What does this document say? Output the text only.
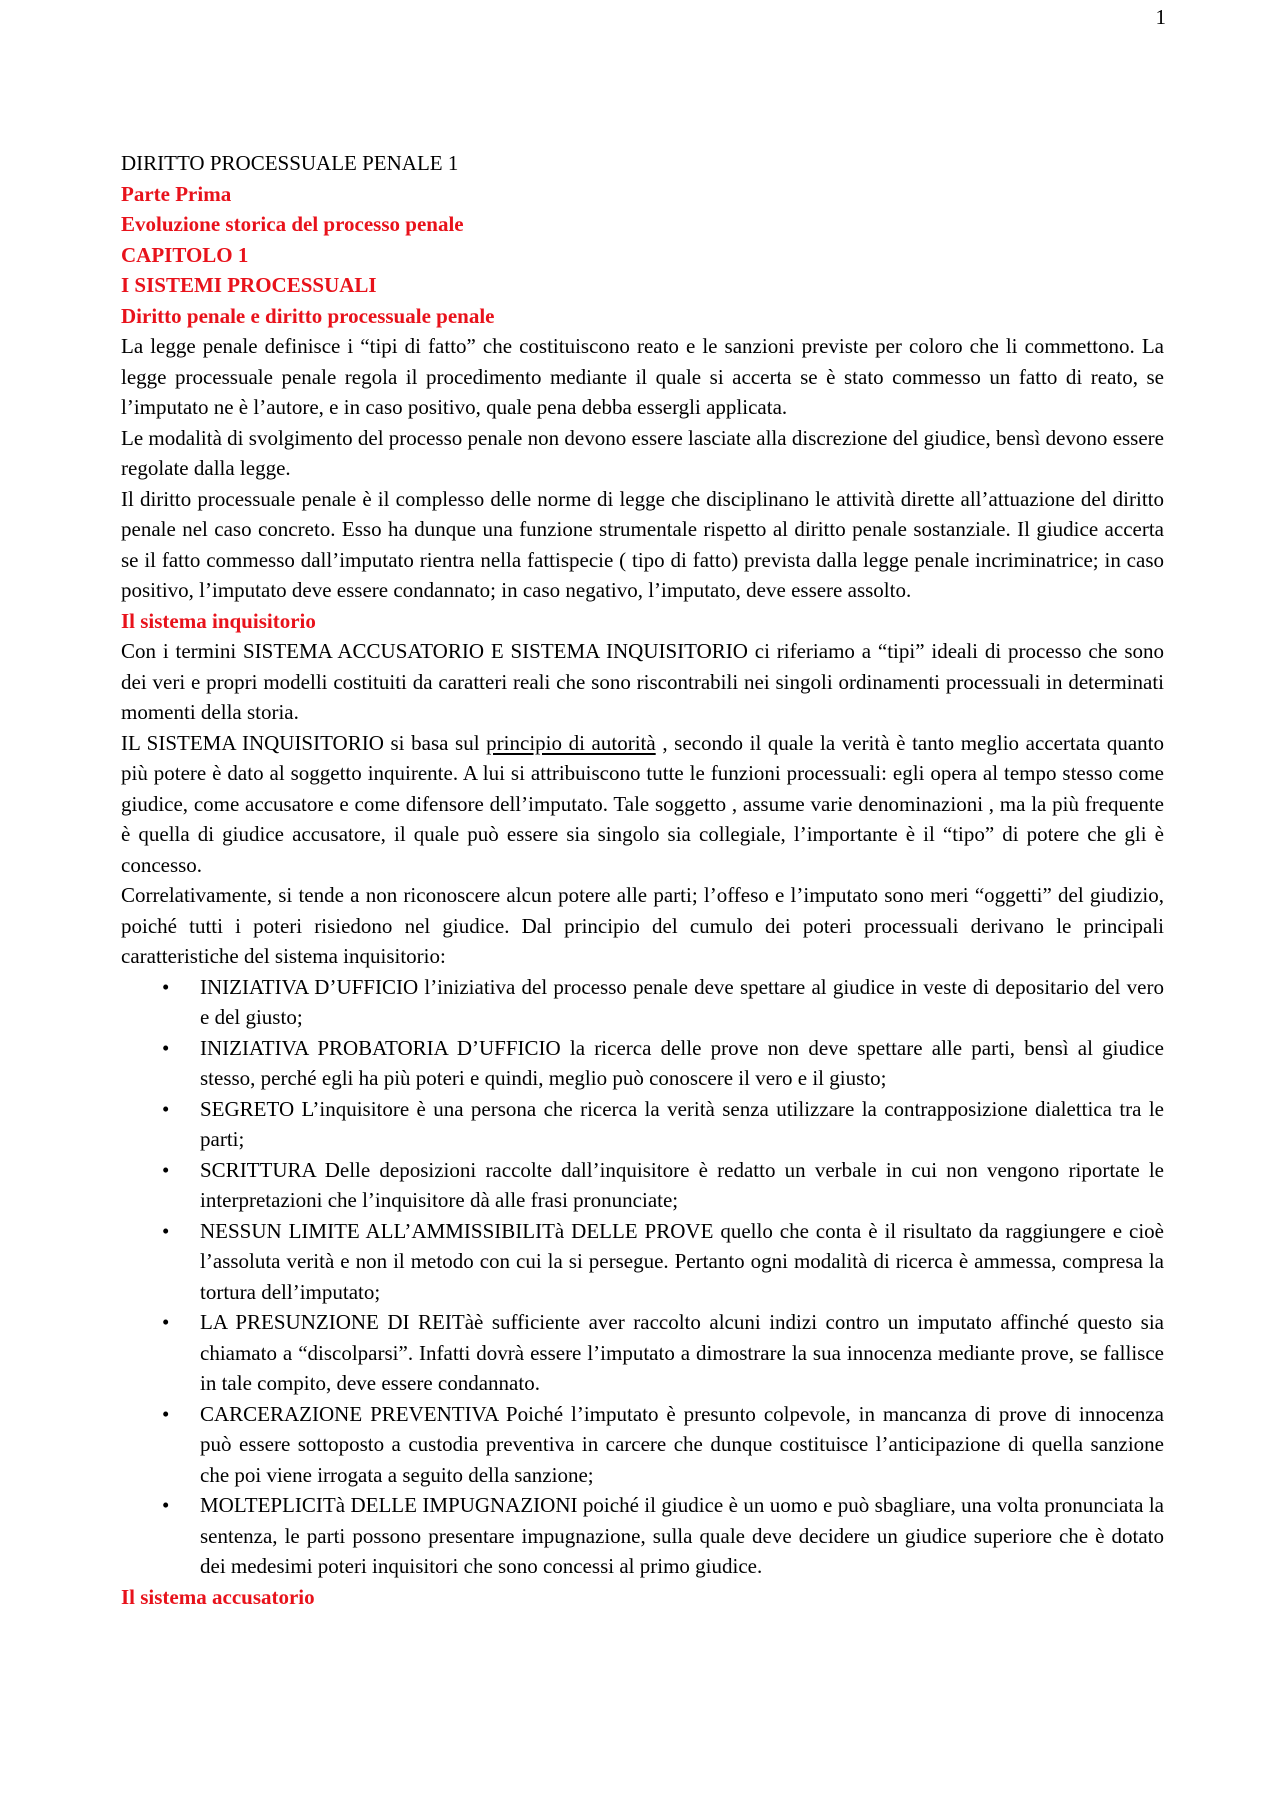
1

DIRITTO PROCESSUALE PENALE 1

Parte Prima

Evoluzione storica del processo penale

CAPITOLO 1

I SISTEMI PROCESSUALI

Diritto penale e diritto processuale penale

La legge penale definisce i “tipi di fatto” che costituiscono reato e le sanzioni previste per coloro che li commettono. La legge processuale penale regola il procedimento mediante il quale si accerta se è stato commesso un fatto di reato, se l’imputato ne è l’autore, e in caso positivo, quale pena debba essergli applicata.

Le modalità di svolgimento del processo penale non devono essere lasciate alla discrezione del giudice, bensì devono essere regolate dalla legge.

Il diritto processuale penale è il complesso delle norme di legge che disciplinano le attività dirette all’attuazione del diritto penale nel caso concreto. Esso ha dunque una funzione strumentale rispetto al diritto penale sostanziale. Il giudice accerta se il fatto commesso dall’imputato rientra nella fattispecie ( tipo di fatto) prevista dalla legge penale incriminatrice; in caso positivo, l’imputato deve essere condannato; in caso negativo, l’imputato, deve essere assolto.

Il sistema inquisitorio

Con i termini SISTEMA ACCUSATORIO E SISTEMA INQUISITORIO ci riferiamo a “tipi” ideali di processo che sono dei veri e propri modelli costituiti da caratteri reali che sono riscontrabili nei singoli ordinamenti processuali in determinati momenti della storia.

IL SISTEMA INQUISITORIO si basa sul principio di autorità , secondo il quale la verità è tanto meglio accertata quanto più potere è dato al soggetto inquirente. A lui si attribuiscono tutte le funzioni processuali: egli opera al tempo stesso come giudice, come accusatore e come difensore dell’imputato. Tale soggetto , assume varie denominazioni , ma la più frequente è quella di giudice accusatore, il quale può essere sia singolo sia collegiale, l’importante è il “tipo” di potere che gli è concesso.

Correlativamente, si tende a non riconoscere alcun potere alle parti; l’offeso e l’imputato sono meri “oggetti” del giudizio, poiché tutti i poteri risiedono nel giudice. Dal principio del cumulo dei poteri processuali derivano le principali caratteristiche del sistema inquisitorio:

• INIZIATIVA D’UFFICIO l’iniziativa del processo penale deve spettare al giudice in veste di depositario del vero e del giusto;
• INIZIATIVA PROBATORIA D’UFFICIO la ricerca delle prove non deve spettare alle parti, bensì al giudice stesso, perché egli ha più poteri e quindi, meglio può conoscere il vero e il giusto;
• SEGRETO L’inquisitore è una persona che ricerca la verità senza utilizzare la contrapposizione dialettica tra le parti;
• SCRITTURA Delle deposizioni raccolte dall’inquisitore è redatto un verbale in cui non vengono riportate le interpretazioni che l’inquisitore dà alle frasi pronunciate;
• NESSUN LIMITE ALL’AMMISSIBILITà DELLE PROVE quello che conta è il risultato da raggiungere e cioè l’assoluta verità e non il metodo con cui la si persegue. Pertanto ogni modalità di ricerca è ammessa, compresa la tortura dell’imputato;
• LA PRESUNZIONE DI REITàè sufficiente aver raccolto alcuni indizi contro un imputato affinché questo sia chiamato a “discolparsi”. Infatti dovrà essere l’imputato a dimostrare la sua innocenza mediante prove, se fallisce in tale compito, deve essere condannato.
• CARCERAZIONE PREVENTIVA Poiché l’imputato è presunto colpevole, in mancanza di prove di innocenza può essere sottoposto a custodia preventiva in carcere che dunque costituisce l’anticipazione di quella sanzione che poi viene irrogata a seguito della sanzione;
• MOLTEPLICITà DELLE IMPUGNAZIONI poiché il giudice è un uomo e può sbagliare, una volta pronunciata la sentenza, le parti possono presentare impugnazione, sulla quale deve decidere un giudice superiore che è dotato dei medesimi poteri inquisitori che sono concessi al primo giudice.

Il sistema accusatorio
